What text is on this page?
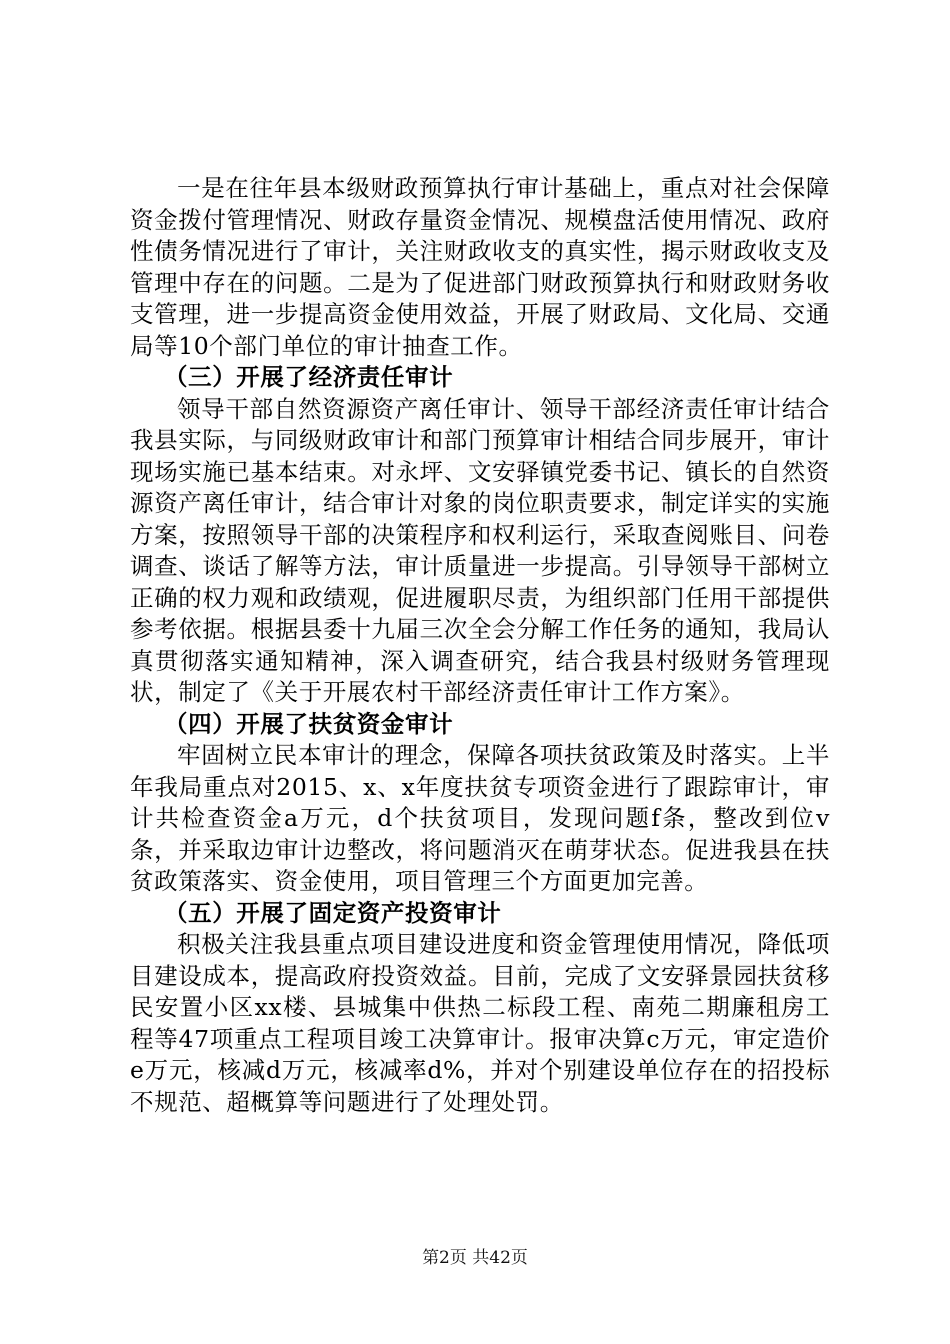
一是在往年县本级财政预算执行审计基础上，重点对社会保障资金拨付管理情况、财政存量资金情况、规模盘活使用情况、政府性债务情况进行了审计，关注财政收支的真实性，揭示财政收支及管理中存在的问题。二是为了促进部门财政预算执行和财政财务收支管理，进一步提高资金使用效益，开展了财政局、文化局、交通局等10个部门单位的审计抽查工作。

（三）开展了经济责任审计

领导干部自然资源资产离任审计、领导干部经济责任审计结合我县实际，与同级财政审计和部门预算审计相结合同步展开，审计现场实施已基本结束。对永坪、文安驿镇党委书记、镇长的自然资源资产离任审计，结合审计对象的岗位职责要求，制定详实的实施方案，按照领导干部的决策程序和权利运行，采取查阅账目、问卷调查、谈话了解等方法，审计质量进一步提高。引导领导干部树立正确的权力观和政绩观，促进履职尽责，为组织部门任用干部提供参考依据。根据县委十九届三次全会分解工作任务的通知，我局认真贯彻落实通知精神，深入调查研究，结合我县村级财务管理现状，制定了《关于开展农村干部经济责任审计工作方案》。

（四）开展了扶贫资金审计

牢固树立民本审计的理念，保障各项扶贫政策及时落实。上半年我局重点对2015、x、x年度扶贫专项资金进行了跟踪审计，审计共检查资金a万元，d个扶贫项目，发现问题f条，整改到位v条，并采取边审计边整改，将问题消灭在萌芽状态。促进我县在扶贫政策落实、资金使用，项目管理三个方面更加完善。

（五）开展了固定资产投资审计

积极关注我县重点项目建设进度和资金管理使用情况，降低项目建设成本，提高政府投资效益。目前，完成了文安驿景园扶贫移民安置小区xx楼、县城集中供热二标段工程、南苑二期廉租房工程等47项重点工程项目竣工决算审计。报审决算c万元，审定造价e万元，核减d万元，核减率d%，并对个别建设单位存在的招投标不规范、超概算等问题进行了处理处罚。

第2页 共42页
